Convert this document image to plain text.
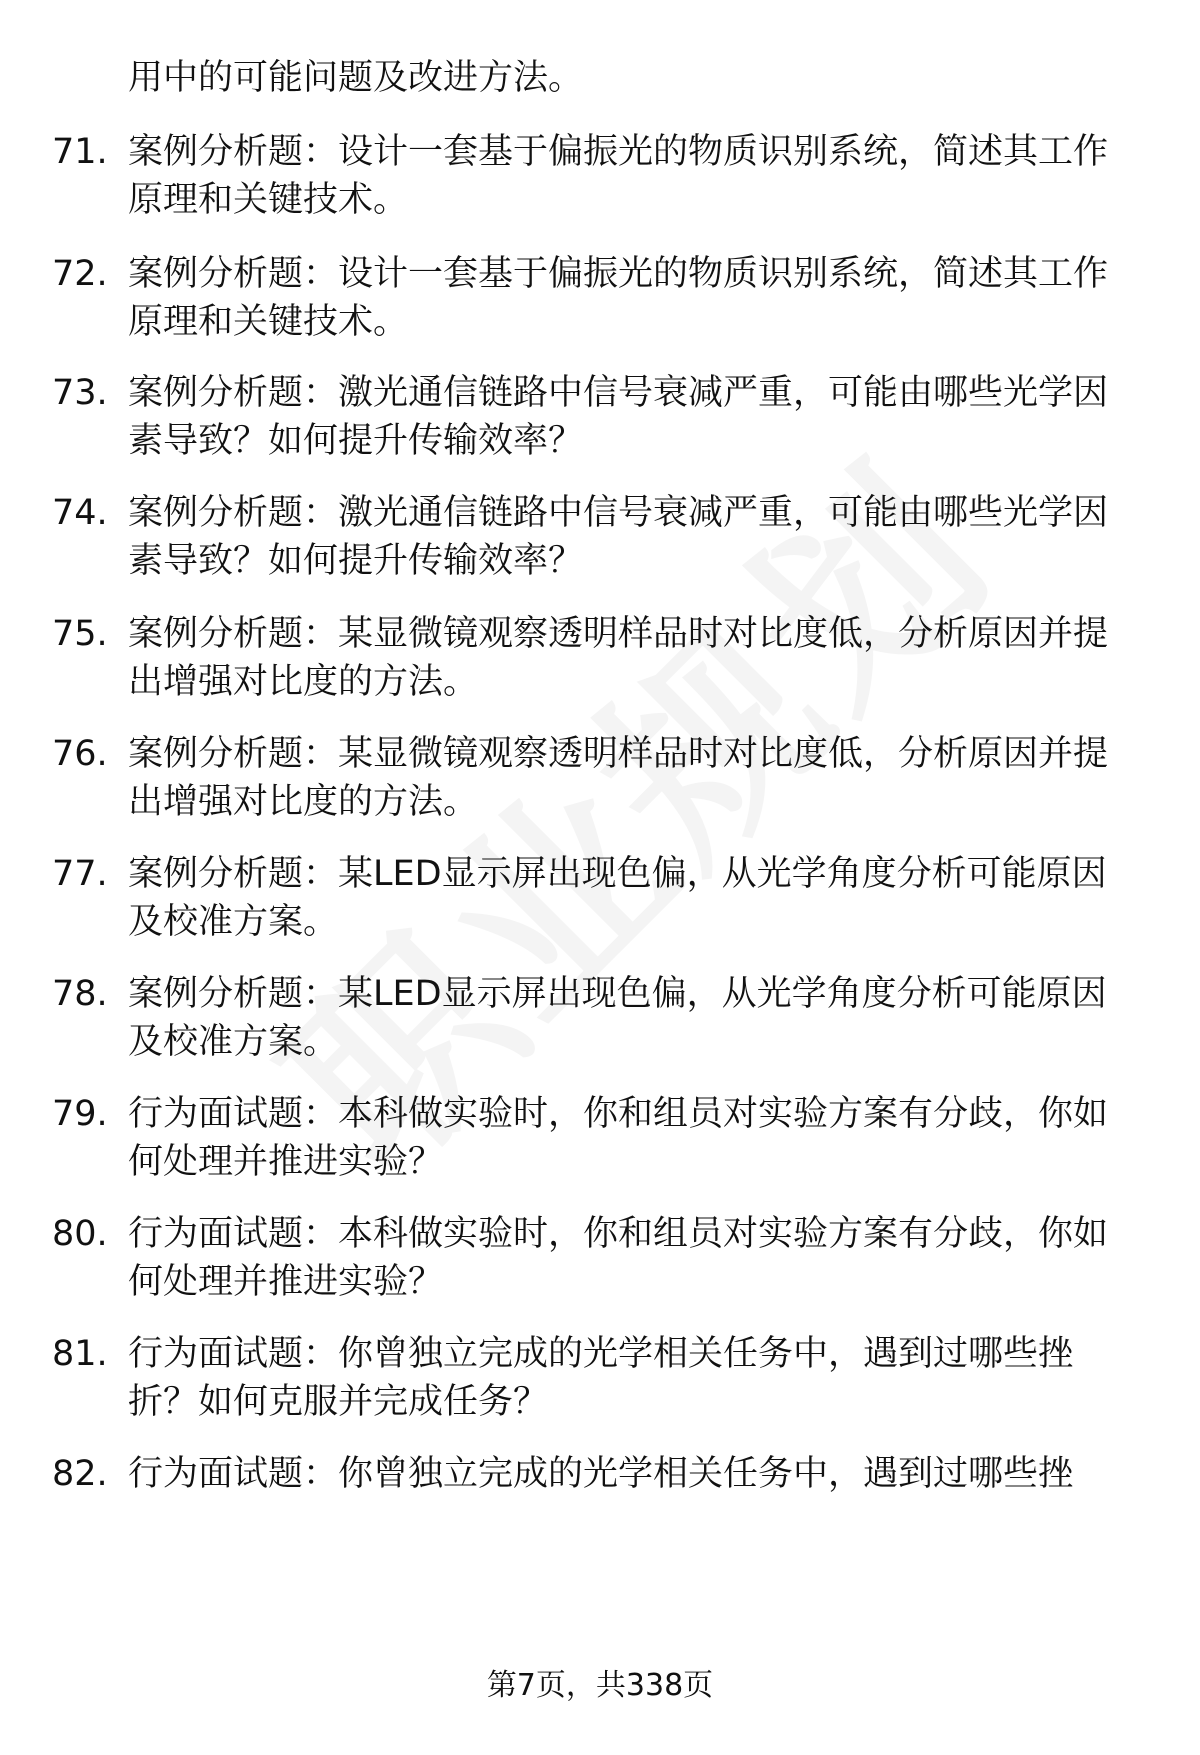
用中的可能问题及改进方法。
71. 案例分析题：设计一套基于偏振光的物质识别系统，简述其工作
原理和关键技术。
72. 案例分析题：设计一套基于偏振光的物质识别系统，简述其工作
原理和关键技术。
73. 案例分析题：激光通信链路中信号衰减严重，可能由哪些光学因
素导致？如何提升传输效率？
74. 案例分析题：激光通信链路中信号衰减严重，可能由哪些光学因
素导致？如何提升传输效率？
75. 案例分析题：某显微镜观察透明样品时对比度低，分析原因并提
出增强对比度的方法。
76. 案例分析题：某显微镜观察透明样品时对比度低，分析原因并提
出增强对比度的方法。
77. 案例分析题：某LED显示屏出现色偏，从光学角度分析可能原因
及校准方案。
78. 案例分析题：某LED显示屏出现色偏，从光学角度分析可能原因
及校准方案。
79. 行为面试题：本科做实验时，你和组员对实验方案有分歧，你如
何处理并推进实验？
80. 行为面试题：本科做实验时，你和组员对实验方案有分歧，你如
何处理并推进实验？
81. 行为面试题：你曾独立完成的光学相关任务中，遇到过哪些挫
折？如何克服并完成任务？
82. 行为面试题：你曾独立完成的光学相关任务中，遇到过哪些挫
第7页，共338页
